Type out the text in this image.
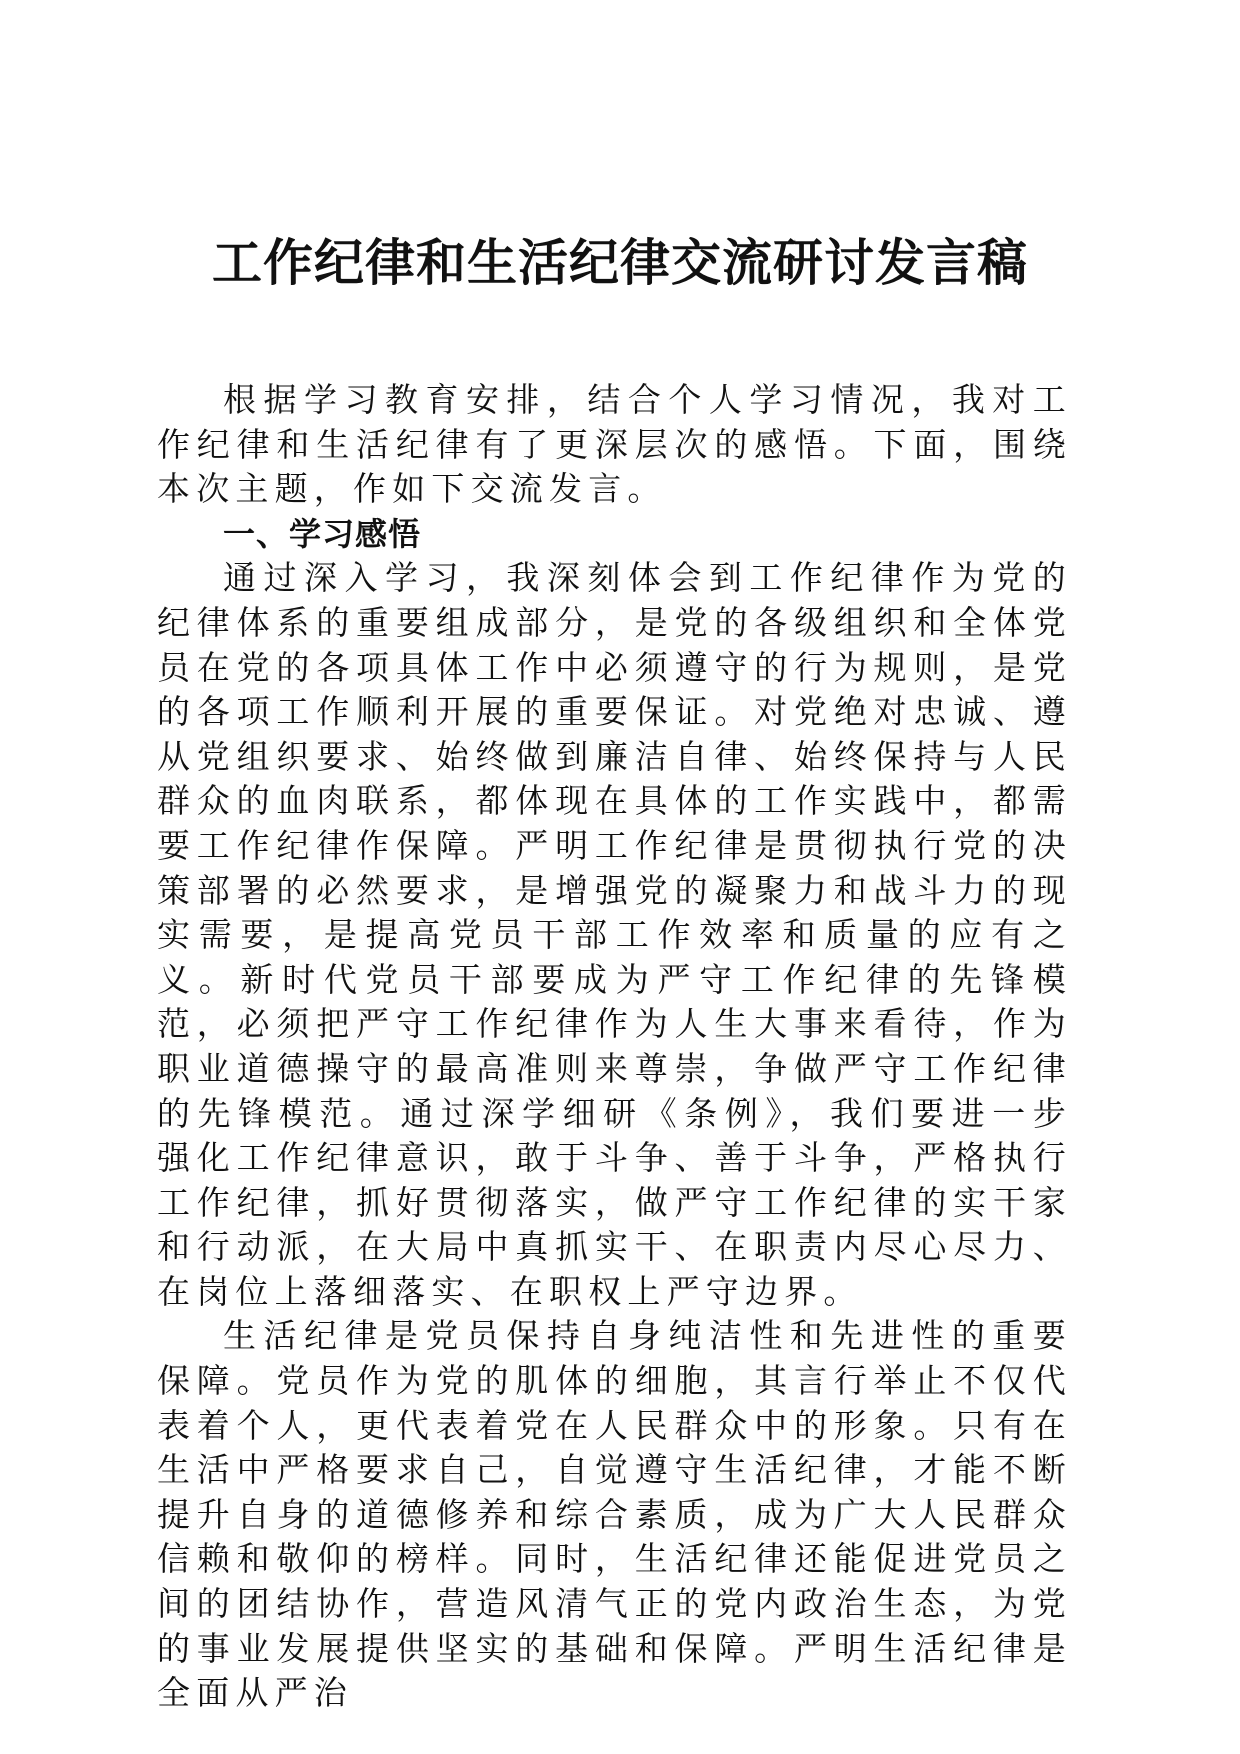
工作纪律和生活纪律交流研讨发言稿

根据学习教育安排，结合个人学习情况，我对工作纪律和生活纪律有了更深层次的感悟。下面，围绕本次主题，作如下交流发言。

一、学习感悟

通过深入学习，我深刻体会到工作纪律作为党的纪律体系的重要组成部分，是党的各级组织和全体党员在党的各项具体工作中必须遵守的行为规则，是党的各项工作顺利开展的重要保证。对党绝对忠诚、遵从党组织要求、始终做到廉洁自律、始终保持与人民群众的血肉联系，都体现在具体的工作实践中，都需要工作纪律作保障。严明工作纪律是贯彻执行党的决策部署的必然要求，是增强党的凝聚力和战斗力的现实需要，是提高党员干部工作效率和质量的应有之义。新时代党员干部要成为严守工作纪律的先锋模范，必须把严守工作纪律作为人生大事来看待，作为职业道德操守的最高准则来尊崇，争做严守工作纪律的先锋模范。通过深学细研《条例》，我们要进一步强化工作纪律意识，敢于斗争、善于斗争，严格执行工作纪律，抓好贯彻落实，做严守工作纪律的实干家和行动派，在大局中真抓实干、在职责内尽心尽力、在岗位上落细落实、在职权上严守边界。

生活纪律是党员保持自身纯洁性和先进性的重要保障。党员作为党的肌体的细胞，其言行举止不仅代表着个人，更代表着党在人民群众中的形象。只有在生活中严格要求自己，自觉遵守生活纪律，才能不断提升自身的道德修养和综合素质，成为广大人民群众信赖和敬仰的榜样。同时，生活纪律还能促进党员之间的团结协作，营造风清气正的党内政治生态，为党的事业发展提供坚实的基础和保障。严明生活纪律是全面从严治
